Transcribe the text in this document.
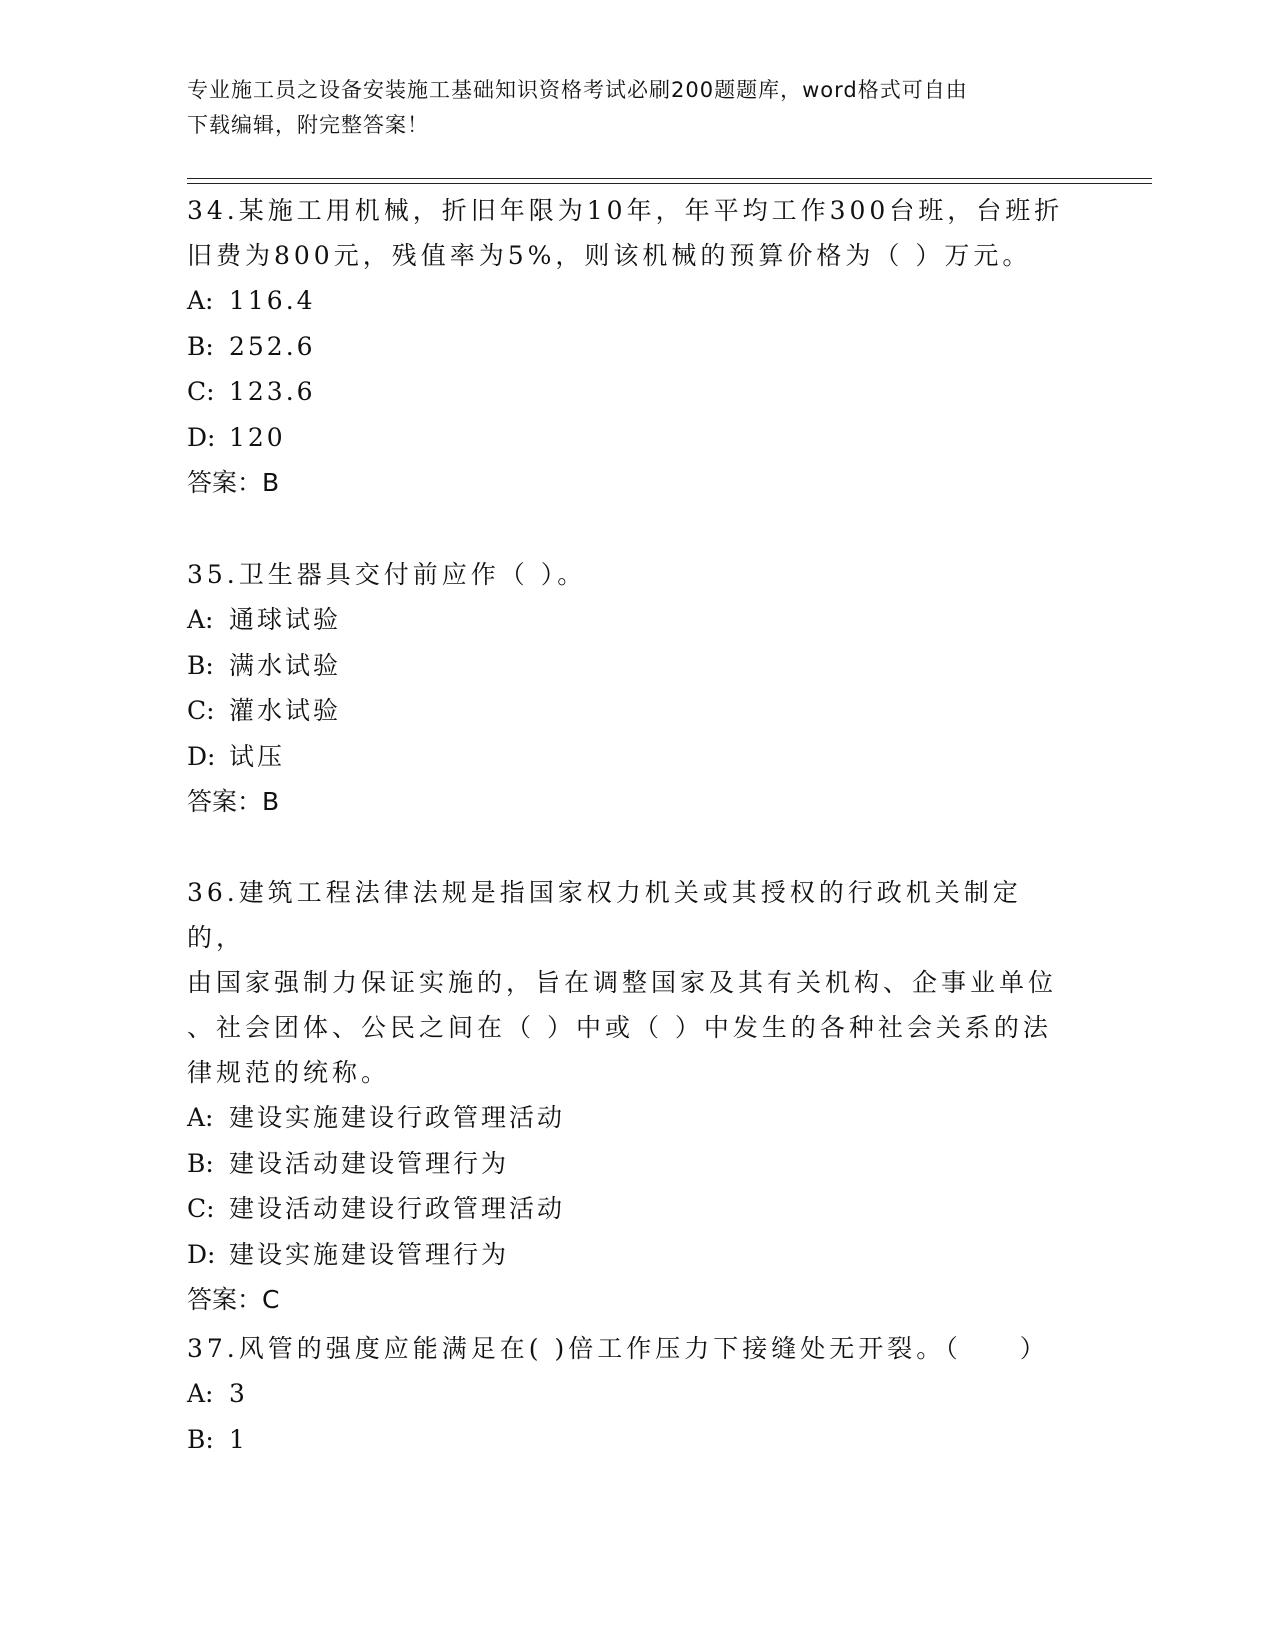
专业施工员之设备安装施工基础知识资格考试必刷200题题库，word格式可自由
下载编辑，附完整答案！

34.某施工用机械，折旧年限为10年，年平均工作300台班，台班折

旧费为800元，残值率为5%，则该机械的预算价格为（ ）万元。

A: 116.4

B: 252.6

C: 123.6

D: 120

答案：B

35.卫生器具交付前应作（ ）。

A: 通球试验

B: 满水试验

C: 灌水试验

D: 试压

答案：B

36.建筑工程法律法规是指国家权力机关或其授权的行政机关制定的，

由国家强制力保证实施的，旨在调整国家及其有关机构、企事业单位

、社会团体、公民之间在（ ）中或（ ）中发生的各种社会关系的法

律规范的统称。

A: 建设实施建设行政管理活动

B: 建设活动建设管理行为

C: 建设活动建设行政管理活动

D: 建设实施建设管理行为

答案：C

37.风管的强度应能满足在( )倍工作压力下接缝处无开裂。（　　）

A: 3

B: 1
